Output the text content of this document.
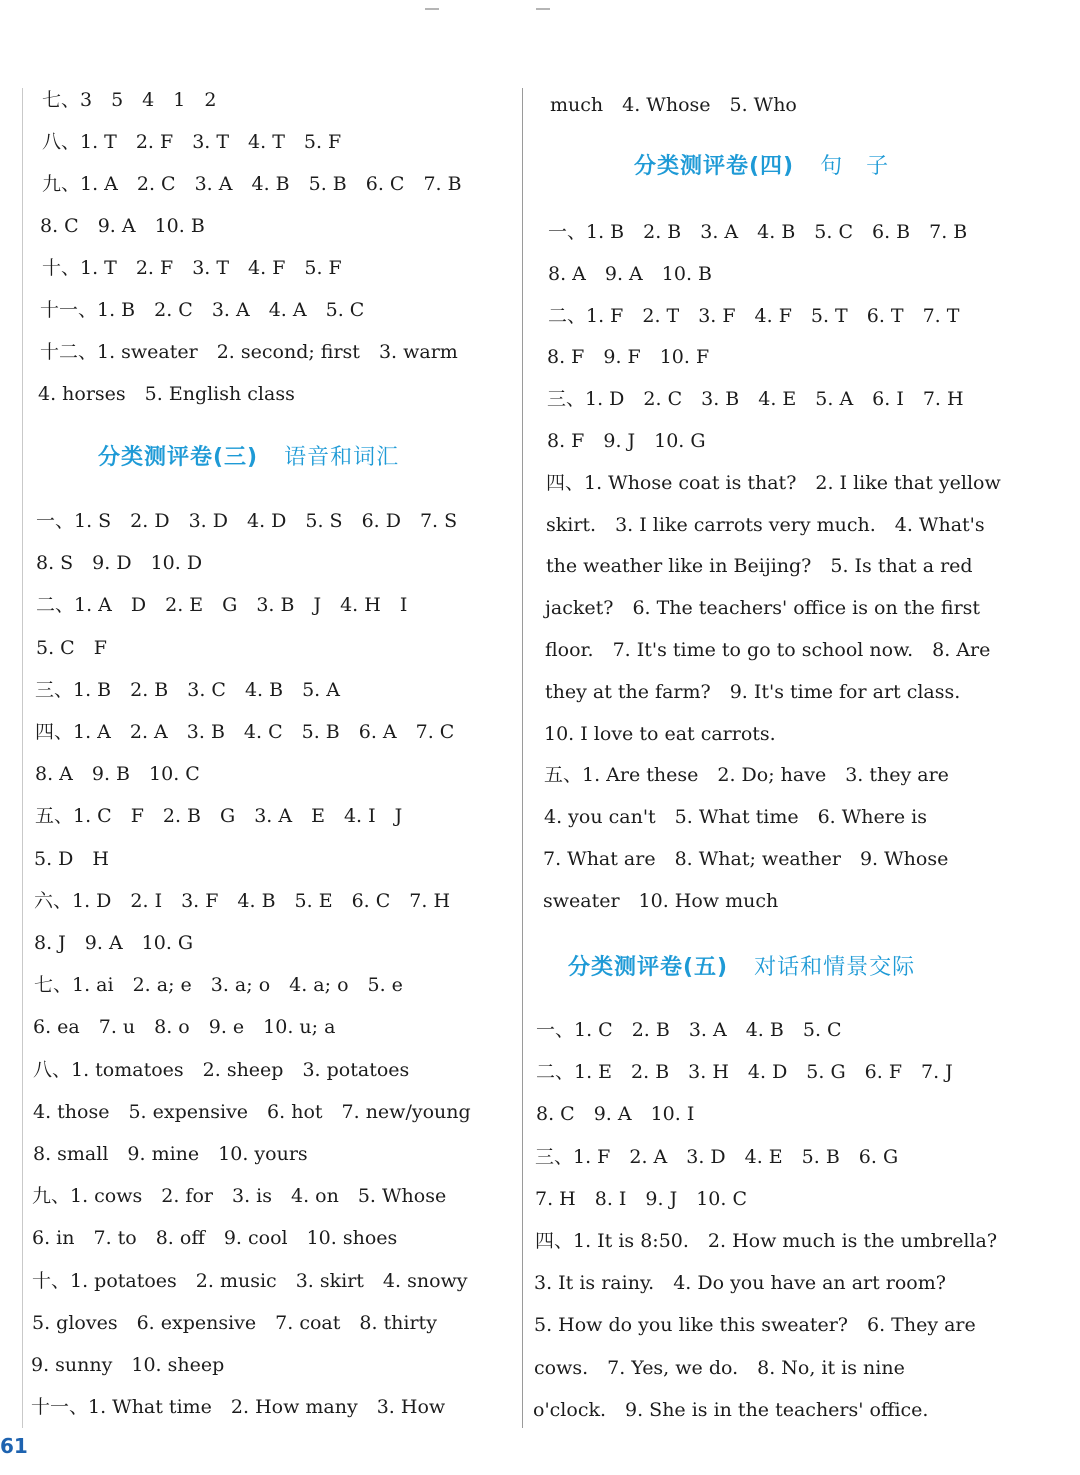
七、3　5　4　1　2
八、1. T　2. F　3. T　4. T　5. F
九、1. A　2. C　3. A　4. B　5. B　6. C　7. B
8. C　9. A　10. B
十、1. T　2. F　3. T　4. F　5. F
十一、1. B　2. C　3. A　4. A　5. C
十二、1. sweater　2. second; first　3. warm
4. horses　5. English class
分类测评卷(三) 语音和词汇
一、1. S　2. D　3. D　4. D　5. S　6. D　7. S
8. S　9. D　10. D
二、1. A　D　2. E　G　3. B　J　4. H　I
5. C　F
三、1. B　2. B　3. C　4. B　5. A
四、1. A　2. A　3. B　4. C　5. B　6. A　7. C
8. A　9. B　10. C
五、1. C　F　2. B　G　3. A　E　4. I　J
5. D　H
六、1. D　2. I　3. F　4. B　5. E　6. C　7. H
8. J　9. A　10. G
七、1. ai　2. a; e　3. a; o　4. a; o　5. e
6. ea　7. u　8. o　9. e　10. u; a
八、1. tomatoes　2. sheep　3. potatoes
4. those　5. expensive　6. hot　7. new/young
8. small　9. mine　10. yours
九、1. cows　2. for　3. is　4. on　5. Whose
6. in　7. to　8. off　9. cool　10. shoes
十、1. potatoes　2. music　3. skirt　4. snowy
5. gloves　6. expensive　7. coat　8. thirty
9. sunny　10. sheep
十一、1. What time　2. How many　3. How
much　4. Whose　5. Who
分类测评卷(四) 句　子
一、1. B　2. B　3. A　4. B　5. C　6. B　7. B
8. A　9. A　10. B
二、1. F　2. T　3. F　4. F　5. T　6. T　7. T
8. F　9. F　10. F
三、1. D　2. C　3. B　4. E　5. A　6. I　7. H
8. F　9. J　10. G
四、1. Whose coat is that?　2. I like that yellow
skirt.　3. I like carrots very much.　4. What's
the weather like in Beijing?　5. Is that a red
jacket?　6. The teachers' office is on the first
floor.　7. It's time to go to school now.　8. Are
they at the farm?　9. It's time for art class.
10. I love to eat carrots.
五、1. Are these　2. Do; have　3. they are
4. you can't　5. What time　6. Where is
7. What are　8. What; weather　9. Whose
sweater　10. How much
分类测评卷(五) 对话和情景交际
一、1. C　2. B　3. A　4. B　5. C
二、1. E　2. B　3. H　4. D　5. G　6. F　7. J
8. C　9. A　10. I
三、1. F　2. A　3. D　4. E　5. B　6. G
7. H　8. I　9. J　10. C
四、1. It is 8:50.　2. How much is the umbrella?
3. It is rainy.　4. Do you have an art room?
5. How do you like this sweater?　6. They are
cows.　7. Yes, we do.　8. No, it is nine
o'clock.　9. She is in the teachers' office.
61
